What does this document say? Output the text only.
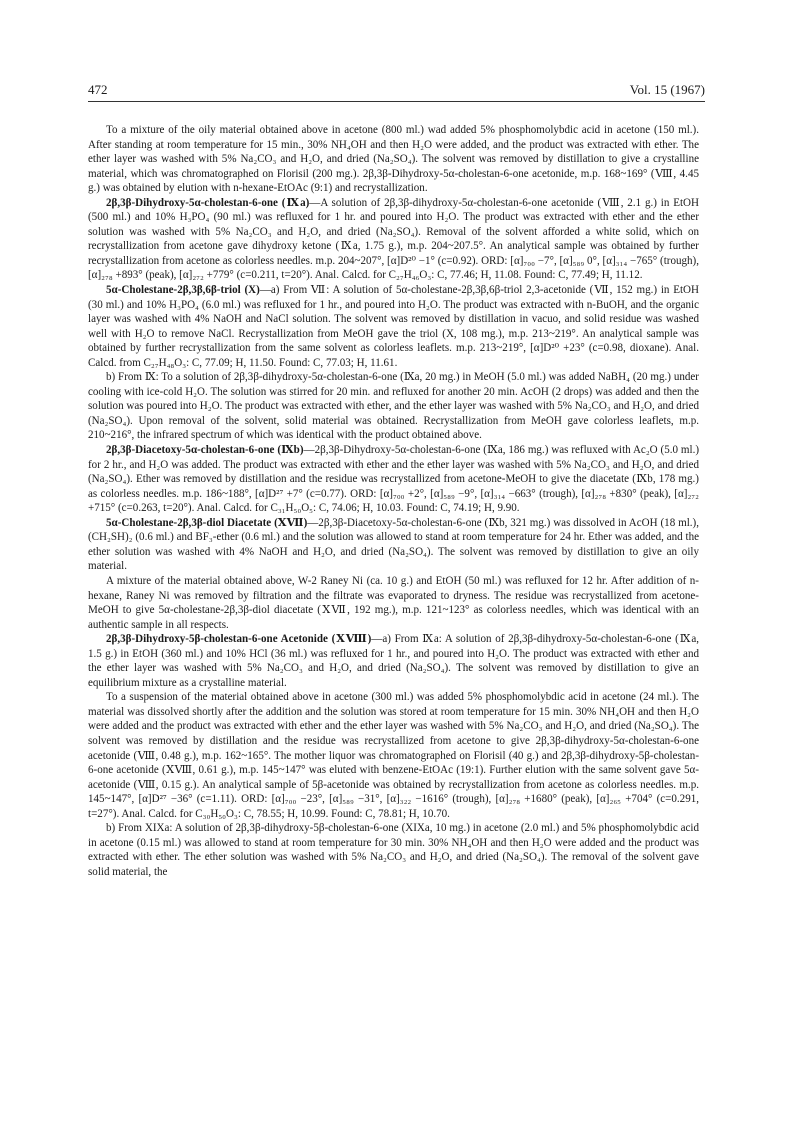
472	Vol. 15 (1967)

To a mixture of the oily material obtained above in acetone (800 ml.) wad added 5% phosphomolybdic acid in acetone (150 ml.). After standing at room temperature for 15 min., 30% NH₄OH and then H₂O were added, and the product was extracted with ether. The ether layer was washed with 5% Na₂CO₃ and H₂O, and dried (Na₂SO₄). The solvent was removed by distillation to give a crystalline material, which was chromatographed on Florisil (200 mg.). 2β,3β-Dihydroxy-5α-cholestan-6-one acetonide, m.p. 168~169° (Ⅷ, 4.45 g.) was obtained by elution with n-hexane-EtOAc (9:1) and recrystallization.

2β,3β-Dihydroxy-5α-cholestan-6-one (Ⅸa)—A solution of 2β,3β-dihydroxy-5α-cholestan-6-one acetonide (Ⅷ, 2.1 g.) in EtOH (500 ml.) and 10% H₃PO₄ (90 ml.) was refluxed for 1 hr. and poured into H₂O. The product was extracted with ether and the ether solution was washed with 5% Na₂CO₃ and H₂O, and dried (Na₂SO₄). Removal of the solvent afforded a white solid, which on recrystallization from acetone gave dihydroxy ketone (Ⅸa, 1.75 g.), m.p. 204~207.5°. An analytical sample was obtained by further recrystallization from acetone as colorless needles. m.p. 204~207°, [α]D²⁰ −1° (c=0.92). ORD: [α]₇₀₀ −7°, [α]₅₈₉ 0°, [α]₃₁₄ −765° (trough), [α]₂₇₈ +893° (peak), [α]₂₇₂ +779° (c=0.211, t=20°). Anal. Calcd. for C₂₇H₄₆O₃: C, 77.46; H, 11.08. Found: C, 77.49; H, 11.12.

5α-Cholestane-2β,3β,6β-triol (X)—a) From Ⅶ: A solution of 5α-cholestane-2β,3β,6β-triol 2,3-acetonide (Ⅶ, 152 mg.) in EtOH (30 ml.) and 10% H₃PO₄ (6.0 ml.) was refluxed for 1 hr., and poured into H₂O. The product was extracted with n-BuOH, and the organic layer was washed with 4% NaOH and NaCl solution. The solvent was removed by distillation in vacuo, and solid residue was washed well with H₂O to remove NaCl. Recrystallization from MeOH gave the triol (X, 108 mg.), m.p. 213~219°. An analytical sample was obtained by further recrystallization from the same solvent as colorless leaflets. m.p. 213~219°, [α]D²⁰ +23° (c=0.98, dioxane). Anal. Calcd. from C₂₇H₄₈O₃: C, 77.09; H, 11.50. Found: C, 77.03; H, 11.61.

b) From Ⅸ: To a solution of 2β,3β-dihydroxy-5α-cholestan-6-one (Ⅸa, 20 mg.) in MeOH (5.0 ml.) was added NaBH₄ (20 mg.) under cooling with ice-cold H₂O. The solution was stirred for 20 min. and refluxed for another 20 min. AcOH (2 drops) was added and then the solution was poured into H₂O. The product was extracted with ether, and the ether layer was washed with 5% Na₂CO₃ and H₂O, and dried (Na₂SO₄). Upon removal of the solvent, solid material was obtained. Recrystallization from MeOH gave colorless leaflets, m.p. 210~216°, the infrared spectrum of which was identical with the product obtained above.

2β,3β-Diacetoxy-5α-cholestan-6-one (Ⅸb)—2β,3β-Dihydroxy-5α-cholestan-6-one (Ⅸa, 186 mg.) was refluxed with Ac₂O (5.0 ml.) for 2 hr., and H₂O was added. The product was extracted with ether and the ether layer was washed with 5% Na₂CO₃ and H₂O, and dried (Na₂SO₄). Ether was removed by distillation and the residue was recrystallized from acetone-MeOH to give the diacetate (Ⅸb, 178 mg.) as colorless needles. m.p. 186~188°, [α]D²⁷ +7° (c=0.77). ORD: [α]₇₀₀ +2°, [α]₅₈₉ −9°, [α]₃₁₄ −663° (trough), [α]₂₇₈ +830° (peak), [α]₂₇₂ +715° (c=0.263, t=20°). Anal. Calcd. for C₃₁H₅₀O₅: C, 74.06; H, 10.03. Found: C, 74.19; H, 9.90.

5α-Cholestane-2β,3β-diol Diacetate (ⅩⅦ)—2β,3β-Diacetoxy-5α-cholestan-6-one (Ⅸb, 321 mg.) was dissolved in AcOH (18 ml.), (CH₂SH)₂ (0.6 ml.) and BF₃-ether (0.6 ml.) and the solution was allowed to stand at room temperature for 24 hr. Ether was added, and the ether solution was washed with 4% NaOH and H₂O, and dried (Na₂SO₄). The solvent was removed by distillation to give an oily material.

A mixture of the material obtained above, W-2 Raney Ni (ca. 10 g.) and EtOH (50 ml.) was refluxed for 12 hr. After addition of n-hexane, Raney Ni was removed by filtration and the filtrate was evaporated to dryness. The residue was recrystallized from acetone-MeOH to give 5α-cholestane-2β,3β-diol diacetate (ⅩⅦ, 192 mg.), m.p. 121~123° as colorless needles, which was identical with an authentic sample in all respects.

2β,3β-Dihydroxy-5β-cholestan-6-one Acetonide (ⅩⅧ)—a) From Ⅸa: A solution of 2β,3β-dihydroxy-5α-cholestan-6-one (Ⅸa, 1.5 g.) in EtOH (360 ml.) and 10% HCl (36 ml.) was refluxed for 1 hr., and poured into H₂O. The product was extracted with ether and the ether layer was washed with 5% Na₂CO₃ and H₂O, and dried (Na₂SO₄). The solvent was removed by distillation to give an equilibrium mixture as a crystalline material.

To a suspension of the material obtained above in acetone (300 ml.) was added 5% phosphomolybdic acid in acetone (24 ml.). The material was dissolved shortly after the addition and the solution was stored at room temperature for 15 min. 30% NH₄OH and then H₂O were added and the product was extracted with ether and the ether layer was washed with 5% Na₂CO₃ and H₂O, and dried (Na₂SO₄). The solvent was removed by distillation and the residue was recrystallized from acetone to give 2β,3β-dihydroxy-5α-cholestan-6-one acetonide (Ⅷ, 0.48 g.), m.p. 162~165°. The mother liquor was chromatographed on Florisil (40 g.) and 2β,3β-dihydroxy-5β-cholestan-6-one acetonide (ⅩⅧ, 0.61 g.), m.p. 145~147° was eluted with benzene-EtOAc (19:1). Further elution with the same solvent gave 5α-acetonide (Ⅷ, 0.15 g.). An analytical sample of 5β-acetonide was obtained by recrystallization from acetone as colorless needles. m.p. 145~147°, [α]D²⁷ −36° (c=1.11). ORD: [α]₇₀₀ −23°, [α]₅₈₉ −31°, [α]₃₂₂ −1616° (trough), [α]₂₇₈ +1680° (peak), [α]₂₆₅ +704° (c=0.291, t=27°). Anal. Calcd. for C₃₀H₅₀O₃: C, 78.55; H, 10.99. Found: C, 78.81; H, 10.70.

b) From XIXa: A solution of 2β,3β-dihydroxy-5β-cholestan-6-one (XIXa, 10 mg.) in acetone (2.0 ml.) and 5% phosphomolybdic acid in acetone (0.15 ml.) was allowed to stand at room temperature for 30 min. 30% NH₄OH and then H₂O were added and the product was extracted with ether. The ether solution was washed with 5% Na₂CO₃ and H₂O, and dried (Na₂SO₄). The removal of the solvent gave solid material, the
